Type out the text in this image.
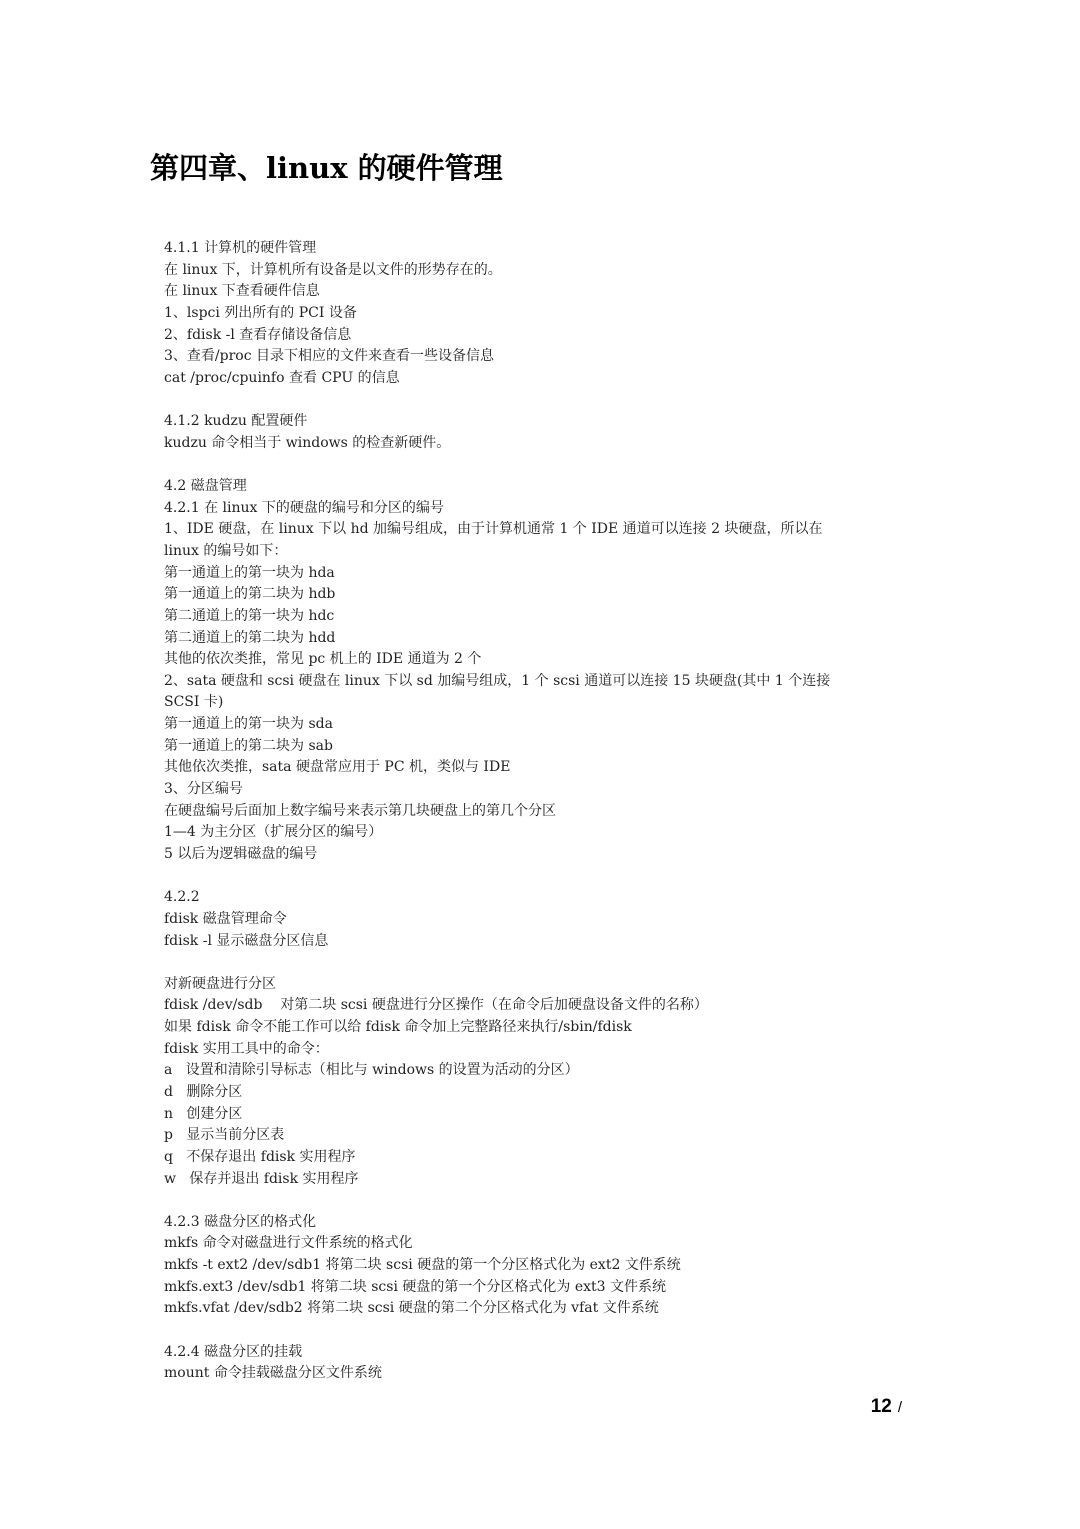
第四章、linux 的硬件管理
4.1.1 计算机的硬件管理
在 linux 下，计算机所有设备是以文件的形势存在的。
在 linux 下查看硬件信息
1、lspci 列出所有的 PCI 设备
2、fdisk -l 查看存储设备信息
3、查看/proc 目录下相应的文件来查看一些设备信息
cat /proc/cpuinfo 查看 CPU 的信息
4.1.2 kudzu 配置硬件
kudzu 命令相当于 windows 的检查新硬件。
4.2 磁盘管理
4.2.1 在 linux 下的硬盘的编号和分区的编号
1、IDE 硬盘，在 linux 下以 hd 加编号组成，由于计算机通常 1 个 IDE 通道可以连接 2 块硬盘，所以在
linux 的编号如下：
第一通道上的第一块为 hda
第一通道上的第二块为 hdb
第二通道上的第一块为 hdc
第二通道上的第二块为 hdd
其他的依次类推，常见 pc 机上的 IDE 通道为 2 个
2、sata 硬盘和 scsi 硬盘在 linux 下以 sd 加编号组成，1 个 scsi 通道可以连接 15 块硬盘(其中 1 个连接
SCSI 卡)
第一通道上的第一块为 sda
第一通道上的第二块为 sab
其他依次类推，sata 硬盘常应用于 PC 机，类似与 IDE
3、分区编号
在硬盘编号后面加上数字编号来表示第几块硬盘上的第几个分区
1—4 为主分区（扩展分区的编号）
5 以后为逻辑磁盘的编号
4.2.2
fdisk 磁盘管理命令
fdisk -l 显示磁盘分区信息
对新硬盘进行分区
fdisk /dev/sdb    对第二块 scsi 硬盘进行分区操作（在命令后加硬盘设备文件的名称）
如果 fdisk 命令不能工作可以给 fdisk 命令加上完整路径来执行/sbin/fdisk
fdisk 实用工具中的命令：
a   设置和清除引导标志（相比与 windows 的设置为活动的分区）
d   删除分区
n   创建分区
p   显示当前分区表
q   不保存退出 fdisk 实用程序
w   保存并退出 fdisk 实用程序
4.2.3 磁盘分区的格式化
mkfs 命令对磁盘进行文件系统的格式化
mkfs -t ext2 /dev/sdb1 将第二块 scsi 硬盘的第一个分区格式化为 ext2 文件系统
mkfs.ext3 /dev/sdb1 将第二块 scsi 硬盘的第一个分区格式化为 ext3 文件系统
mkfs.vfat /dev/sdb2 将第二块 scsi 硬盘的第二个分区格式化为 vfat 文件系统
4.2.4 磁盘分区的挂载
mount 命令挂载磁盘分区文件系统
12 /
